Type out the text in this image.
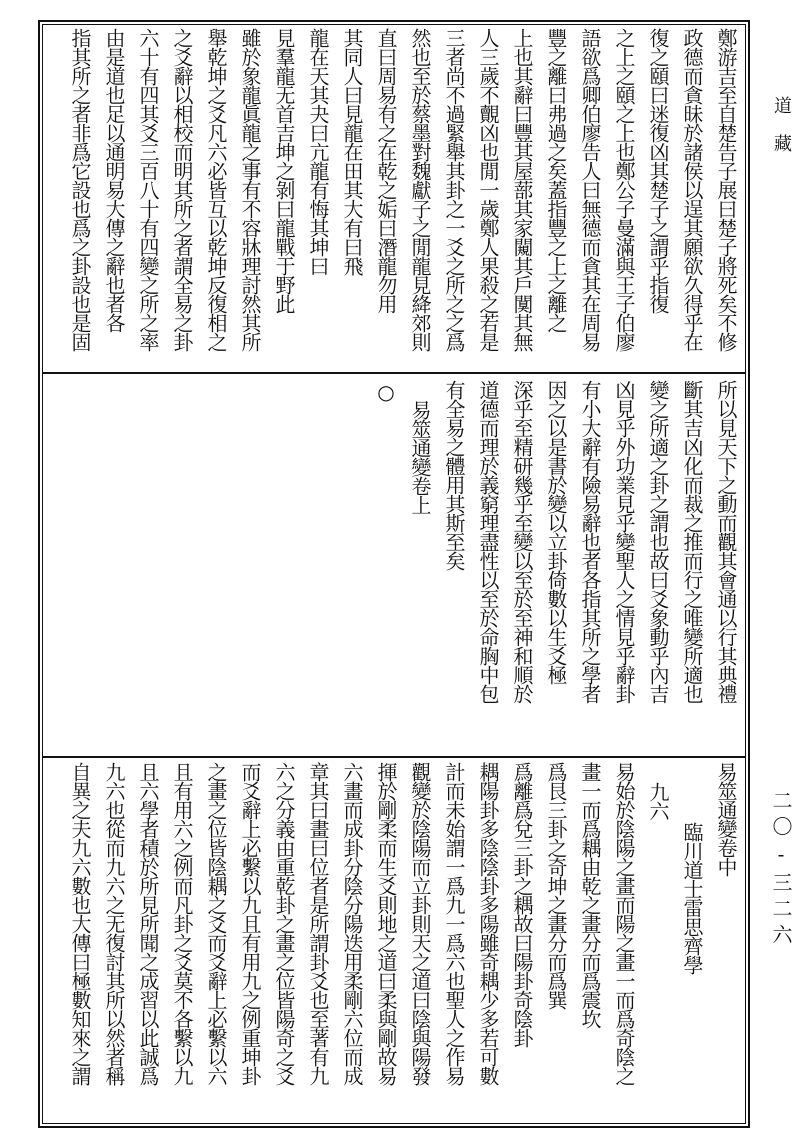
鄭游吉至自楚告子展曰楚子將死矣不修
政德而貪昧於諸侯以逞其願欲久得乎在
復之頤曰迷復凶其楚子之謂乎指復
之上之頤之上也鄭公子曼滿與王子伯廖
語欲爲卿伯廖告人曰無德而貪其在周易
豐之離曰弗過之矣蓋指豐之上之離之
上也其辭曰豐其屋蔀其家闚其戶闃其無
人三歲不覿凶也閒一歲鄭人果殺之若是
三者尚不過緊舉其卦之一爻之所之之爲
然也至於蔡墨對魏獻子之閒龍見絳郊則
直曰周易有之在乾之姤曰潛龍勿用
其同人曰見龍在田其大有曰飛
龍在天其夬曰亢龍有悔其坤曰
見羣龍无首吉坤之剝曰龍戰于野此
雖於象龍眞龍之事有不容牀理討然其所
舉乾坤之爻凡六必皆互以乾坤反復相之
之爻辭以相校而明其所之者謂全易之卦
六十有四其爻三百八十有四變之所之率
由是道也足以通明易大傳之辭也者各
指其所之者非爲它設也爲之卦設也是固
所以見天下之動而觀其會通以行其典禮
斷其吉凶化而裁之推而行之唯變所適也
變之所適之卦之謂也故曰爻象動乎內吉
凶見乎外功業見乎變聖人之情見乎辭卦
有小大辭有險易辭也者各指其所之學者
因之以是書於變以立卦倚數以生爻極
深乎至精研幾乎至變以至於至神和順於
道德而理於義窮理盡性以至於命胸中包
有全易之體用其斯至矣
易筮通變卷上
○
易筮通變卷中
臨川道士雷思齊學
九六
易始於陰陽之畫而陽之畫一而爲奇陰之
畫一而爲耦由乾之畫分而爲震坎
爲艮三卦之奇坤之畫分而爲巽
爲離爲兌三卦之耦故曰陽卦奇陰卦
耦陽卦多陰陰卦多陽雖奇耦少多若可數
計而未始謂一爲九一爲六也聖人之作易
觀變於陰陽而立卦則天之道曰陰與陽發
揮於剛柔而生爻則地之道曰柔與剛故易
六畫而成卦分陰分陽迭用柔剛六位而成
章其曰畫曰位者是所謂卦爻也至著有九
六之分義由重乾卦之畫之位皆陽奇之爻
而爻辭上必繫以九且有用九之例重坤卦
之畫之位皆陰耦之爻而爻辭上必繫以六
且有用六之例而凡卦之爻莫不各繫以九
且六學者積於所見所聞之成習以此誠爲
九六也從而九六之无復討其所以然者稱
自異之夫九六數也大傳曰極數知來之謂
道藏
二〇-三二六
